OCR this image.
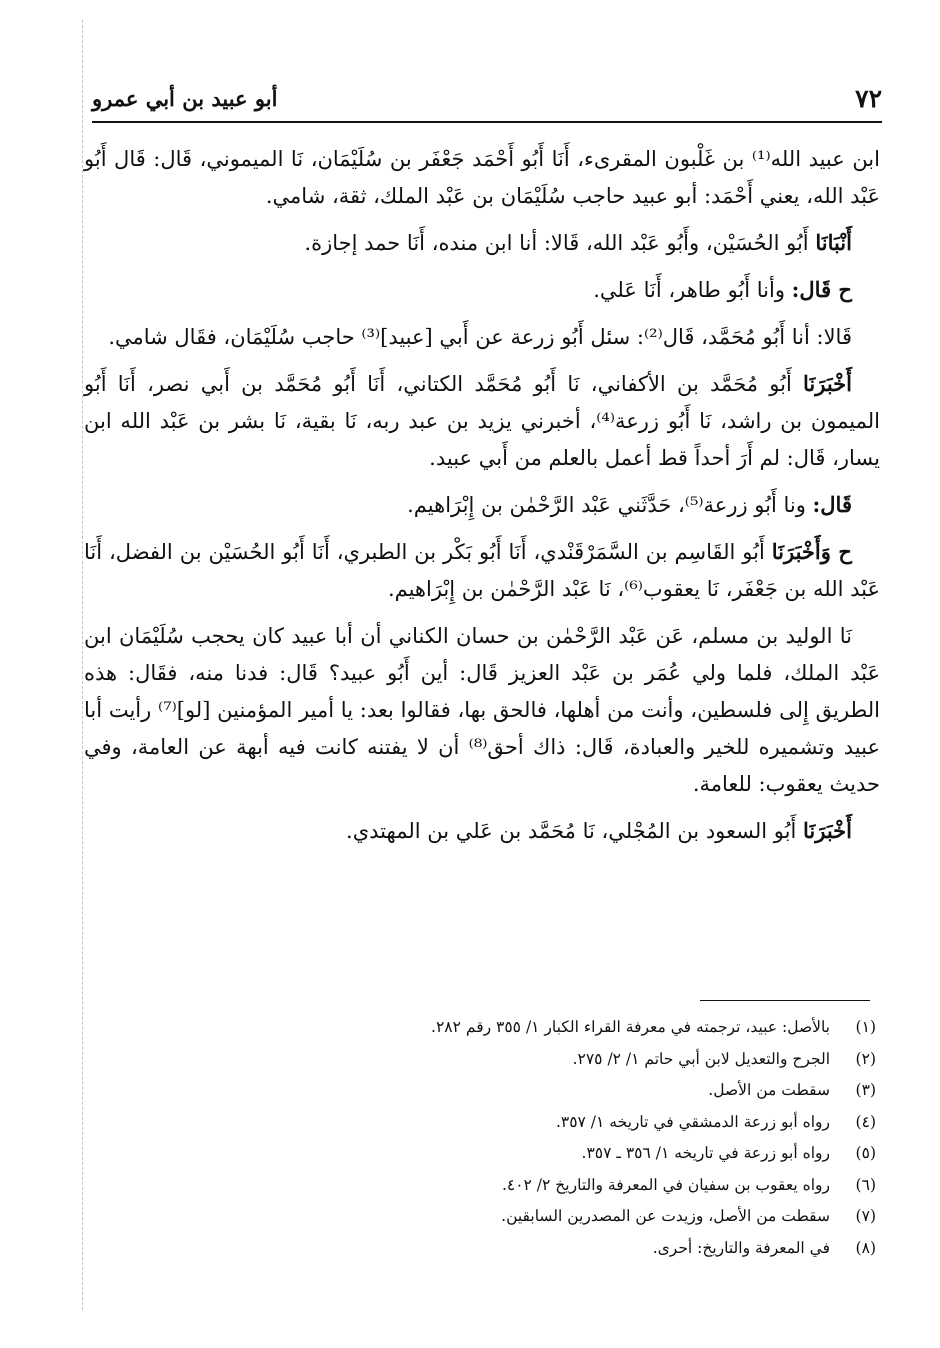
٧٢
أبو عبيد بن أبي عمرو

ابن عبيد الله⁽¹⁾ بن غَلْبون المقرىء، أَنَا أَبُو أَحْمَد جَعْفَر بن سُلَيْمَان، نَا الميموني، قَال: قَال أَبُو عَبْد الله، يعني أَحْمَد: أبو عبيد حاجب سُلَيْمَان بن عَبْد الملك، ثقة، شامي.

أَنْبَانَا أَبُو الحُسَيْن، وأَبُو عَبْد الله، قَالا: أنا ابن منده، أَنَا حمد إجازة.

ح قَال: وأنا أَبُو طاهر، أَنَا عَلي.

قَالا: أنا أَبُو مُحَمَّد، قَال⁽²⁾: سئل أَبُو زرعة عن أَبي [عبيد]⁽³⁾ حاجب سُلَيْمَان، فقَال شامي.

أَخْبَرَنَا أَبُو مُحَمَّد بن الأكفاني، نَا أَبُو مُحَمَّد الكتاني، أَنَا أَبُو مُحَمَّد بن أَبي نصر، أَنَا أَبُو الميمون بن راشد، نَا أَبُو زرعة⁽⁴⁾، أخبرني يزيد بن عبد ربه، نَا بقية، نَا بشر بن عَبْد الله ابن يسار، قَال: لم أَرَ أحداً قط أعمل بالعلم من أَبي عبيد.

قَال: ونا أَبُو زرعة⁽⁵⁾، حَدَّثَني عَبْد الرَّحْمٰن بن إِبْرَاهيم.

ح وَأَخْبَرَنَا أَبُو القَاسِم بن السَّمَرْقَنْدي، أَنَا أَبُو بَكْر بن الطبري، أَنَا أَبُو الحُسَيْن بن الفضل، أَنَا عَبْد الله بن جَعْفَر، نَا يعقوب⁽⁶⁾، نَا عَبْد الرَّحْمٰن بن إِبْرَاهيم.

نَا الوليد بن مسلم، عَن عَبْد الرَّحْمٰن بن حسان الكناني أن أبا عبيد كان يحجب سُلَيْمَان ابن عَبْد الملك، فلما ولي عُمَر بن عَبْد العزيز قَال: أين أَبُو عبيد؟ قَال: فدنا منه، فقَال: هذه الطريق إِلى فلسطين، وأنت من أهلها، فالحق بها، فقالوا بعد: يا أمير المؤمنين [لو]⁽⁷⁾ رأيت أبا عبيد وتشميره للخير والعبادة، قَال: ذاك أحق⁽⁸⁾ أن لا يفتنه كانت فيه أبهة عن العامة، وفي حديث يعقوب: للعامة.

أَخْبَرَنَا أَبُو السعود بن المُجْلي، نَا مُحَمَّد بن عَلي بن المهتدي.

(١)
بالأصل: عبيد، ترجمته في معرفة القراء الكبار ١/ ٣٥٥ رقم ٢٨٢.
(٢)
الجرح والتعديل لابن أبي حاتم ١/ ٢/ ٢٧٥.
(٣)
سقطت من الأصل.
(٤)
رواه أبو زرعة الدمشقي في تاريخه ١/ ٣٥٧.
(٥)
رواه أبو زرعة في تاريخه ١/ ٣٥٦ ـ ٣٥٧.
(٦)
رواه يعقوب بن سفيان في المعرفة والتاريخ ٢/ ٤٠٢.
(٧)
سقطت من الأصل، وزيدت عن المصدرين السابقين.
(٨)
في المعرفة والتاريخ: أحرى.
